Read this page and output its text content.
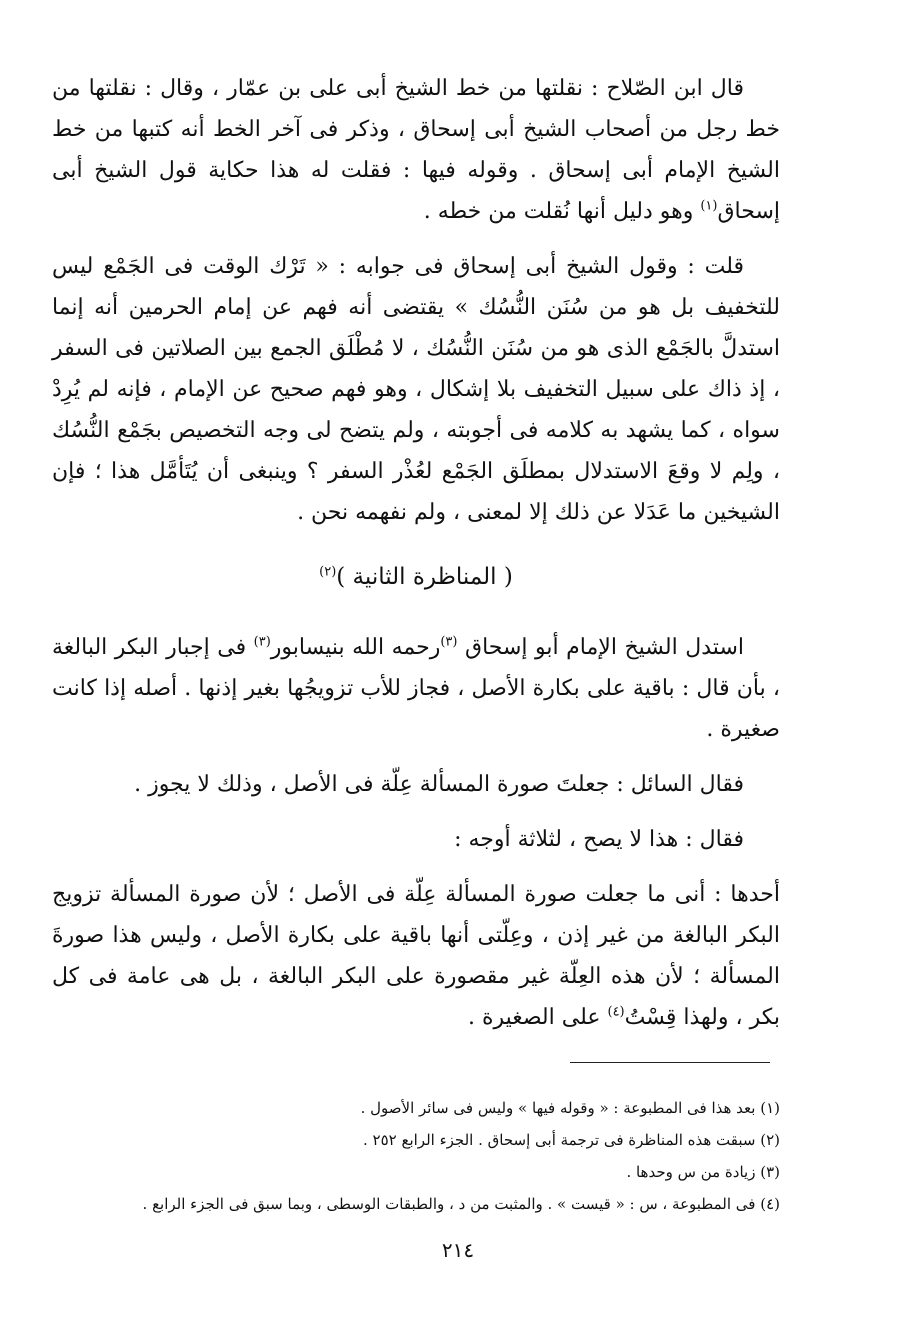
قال ابن الصّلاح : نقلتها من خط الشيخ أبى على بن عمّار ، وقال : نقلتها من خط رجل من أصحاب الشيخ أبى إسحاق ، وذكر فى آخر الخط أنه كتبها من خط الشيخ الإمام أبى إسحاق . وقوله فيها : فقلت له هذا حكاية قول الشيخ أبى إسحاق$^{(١)}$ وهو دليل أنها نُقلت من خطه .

قلت : وقول الشيخ أبى إسحاق فى جوابه : « تَرْك الوقت فى الجَمْع ليس للتخفيف بل هو من سُنَن النُّسُك » يقتضى أنه فهم عن إمام الحرمين أنه إنما استدلَّ بالجَمْع الذى هو من سُنَن النُّسُك ، لا مُطْلَق الجمع بين الصلاتين فى السفر ، إذ ذاك على سبيل التخفيف بلا إشكال ، وهو فهم صحيح عن الإمام ، فإنه لم يُرِدْ سواه ، كما يشهد به كلامه فى أجوبته ، ولم يتضح لى وجه التخصيص بجَمْع النُّسُك ، ولِم لا وقعَ الاستدلال بمطلَق الجَمْع لعُذْر السفر ؟ وينبغى أن يُتَأمَّل هذا ؛ فإن الشيخين ما عَدَلا عن ذلك إلا لمعنى ، ولم نفهمه نحن .

( المناظرة الثانية )$^{(٢)}$

استدل الشيخ الإمام أبو إسحاق $^{(٣)}$رحمه الله بنيسابور$^{(٣)}$ فى إجبار البكر البالغة ، بأن قال : باقية على بكارة الأصل ، فجاز للأب تزويجُها بغير إذنها . أصله إذا كانت صغيرة .

فقال السائل : جعلتَ صورة المسألة عِلّة فى الأصل ، وذلك لا يجوز .

فقال : هذا لا يصح ، لثلاثة أوجه :

أحدها : أنى ما جعلت صورة المسألة عِلّة فى الأصل ؛ لأن صورة المسألة تزويج البكر البالغة من غير إذن ، وعِلّتى أنها باقية على بكارة الأصل ، وليس هذا صورةَ المسألة ؛ لأن هذه العِلّة غير مقصورة على البكر البالغة ، بل هى عامة فى كل بكر ، ولهذا قِسْتُ$^{(٤)}$ على الصغيرة .

(١) بعد هذا فى المطبوعة : « وقوله فيها » وليس فى سائر الأصول .

(٢) سبقت هذه المناظرة فى ترجمة أبى إسحاق . الجزء الرابع ٢٥٢ .

(٣) زيادة من س وحدها .

(٤) فى المطبوعة ، س : « قيست » . والمثبت من د ، والطبقات الوسطى ، وبما سبق فى الجزء الرابع .

٢١٤
